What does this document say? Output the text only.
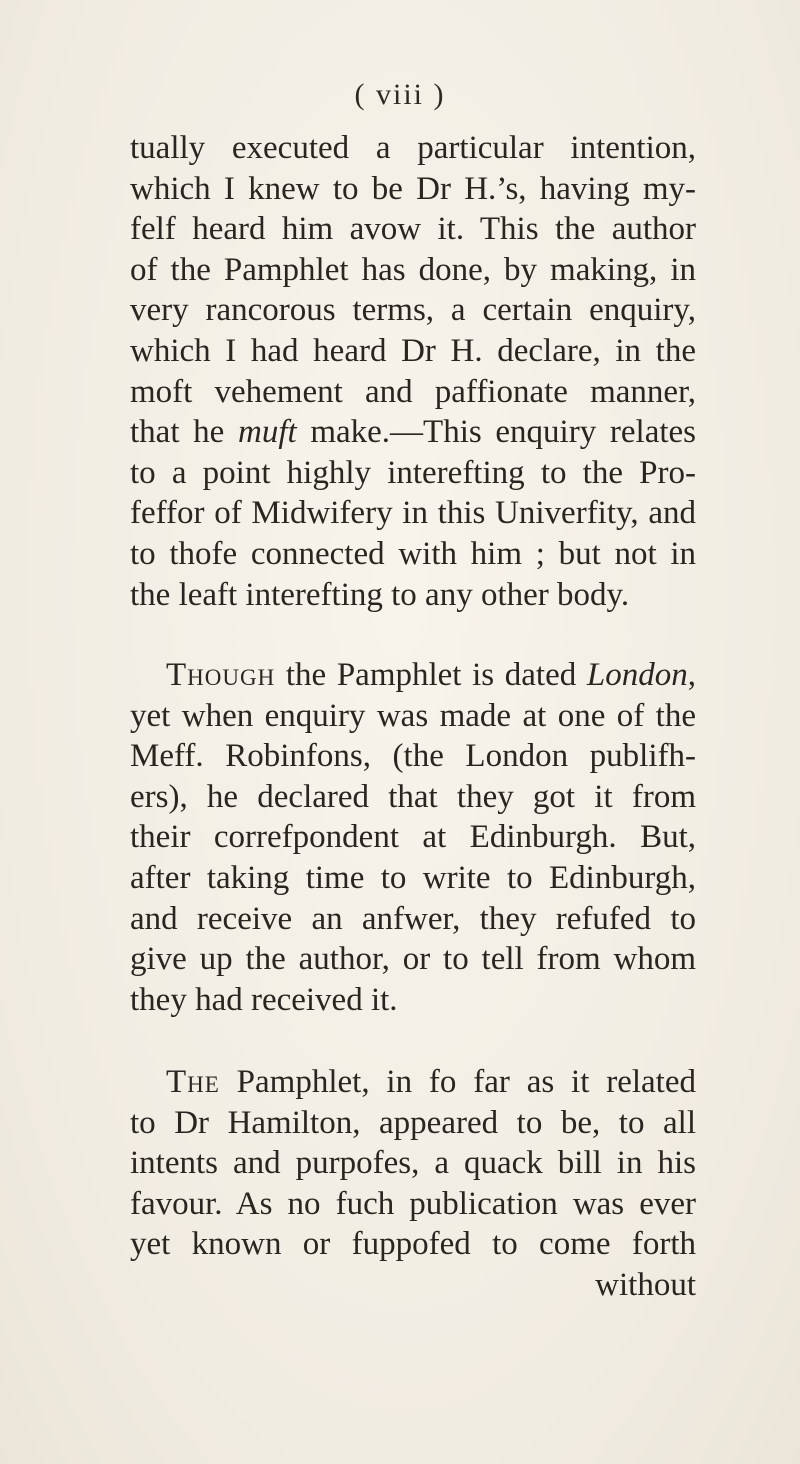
( viii )
tually executed a particular intention,
which I knew to be Dr H.’s, having my-
felf heard him avow it. This the author
of the Pamphlet has done, by making, in
very rancorous terms, a certain enquiry,
which I had heard Dr H. declare, in the
moft vehement and paffionate manner,
that he muft make.—This enquiry relates
to a point highly interefting to the Pro-
feffor of Midwifery in this Univerfity, and
to thofe connected with him ; but not in
the leaft interefting to any other body.
Though the Pamphlet is dated London,
yet when enquiry was made at one of the
Meff. Robinfons, (the London publifh-
ers), he declared that they got it from
their correfpondent at Edinburgh. But,
after taking time to write to Edinburgh,
and receive an anfwer, they refufed to
give up the author, or to tell from whom
they had received it.
The Pamphlet, in fo far as it related
to Dr Hamilton, appeared to be, to all
intents and purpofes, a quack bill in his
favour. As no fuch publication was ever
yet known or fuppofed to come forth
without
